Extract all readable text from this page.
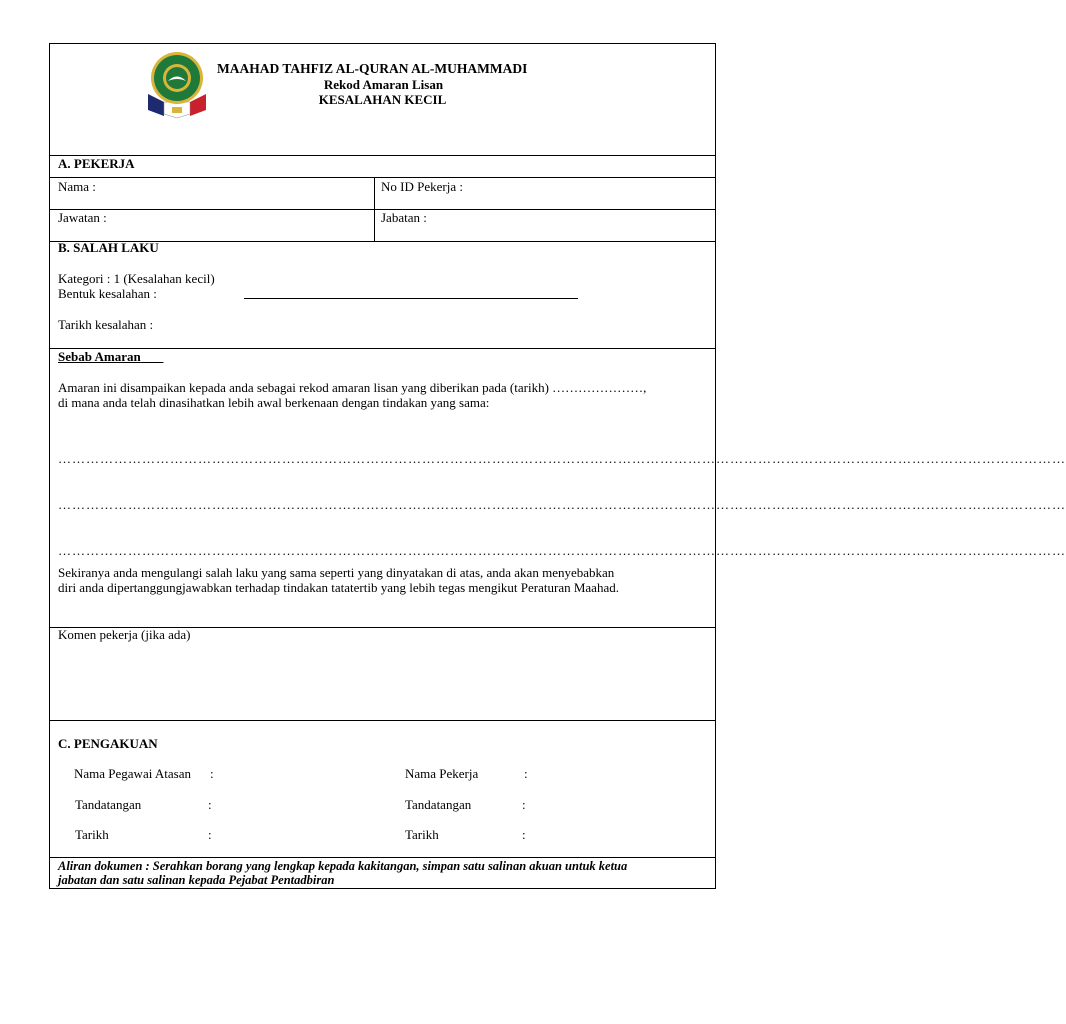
MAAHAD TAHFIZ AL-QURAN AL-MUHAMMADI
Rekod Amaran Lisan
KESALAHAN KECIL
A. PEKERJA
Nama :	No ID Pekerja :
Jawatan :	Jabatan :
B. SALAH LAKU
Kategori : 1 (Kesalahan kecil)
Bentuk kesalahan :
Tarikh kesalahan :
Sebab Amaran
Amaran ini disampaikan kepada anda sebagai rekod amaran lisan yang diberikan pada (tarikh) …………………,
di mana anda telah dinasihatkan lebih awal berkenaan dengan tindakan yang sama:
………………………………………………………………………………………………………………………………………………………………………………………………
………………………………………………………………………………………………………………………………………………………………………………………………
………………………………………………………………………………………………………………………………………………………………………………………………
Sekiranya anda mengulangi salah laku yang sama seperti yang dinyatakan di atas, anda akan menyebabkan
diri anda dipertanggungjawabkan terhadap tindakan tatatertib yang lebih tegas mengikut Peraturan Maahad.
Komen pekerja (jika ada)
C. PENGAKUAN
Nama Pegawai Atasan :	Nama Pekerja	:
Tandatangan	:	Tandatangan	:
Tarikh	:	Tarikh	:
Aliran dokumen : Serahkan borang yang lengkap kepada kakitangan, simpan satu salinan akuan untuk ketua
jabatan dan satu salinan kepada Pejabat Pentadbiran
